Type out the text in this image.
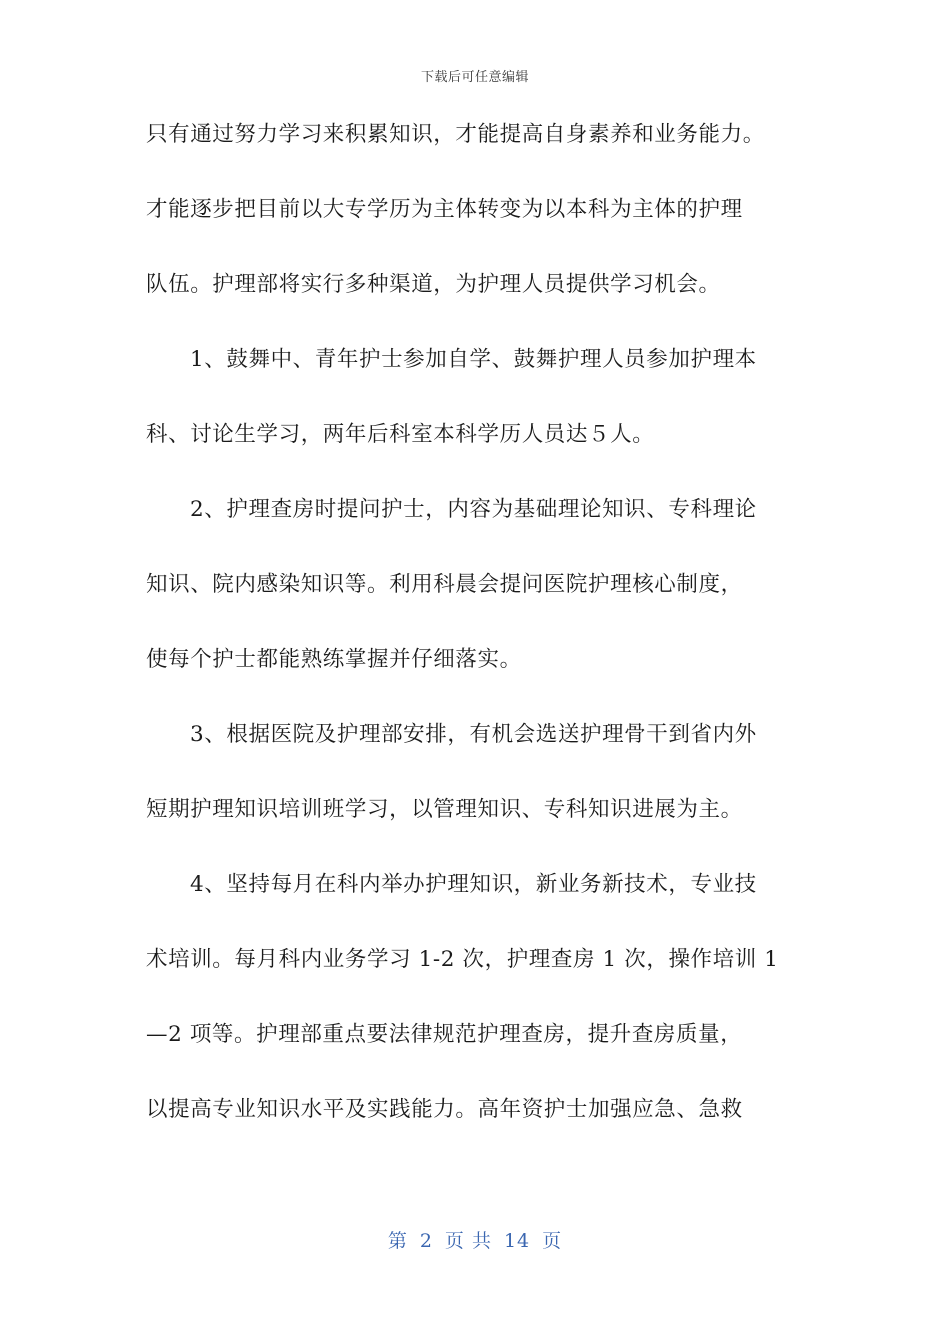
下载后可任意编辑
只有通过努力学习来积累知识，才能提高自身素养和业务能力。
才能逐步把目前以大专学历为主体转变为以本科为主体的护理
队伍。护理部将实行多种渠道，为护理人员提供学习机会。
1、鼓舞中、青年护士参加自学、鼓舞护理人员参加护理本
科、讨论生学习，两年后科室本科学历人员达５人。
2、护理查房时提问护士，内容为基础理论知识、专科理论
知识、院内感染知识等。利用科晨会提问医院护理核心制度，
使每个护士都能熟练掌握并仔细落实。
3、根据医院及护理部安排，有机会选送护理骨干到省内外
短期护理知识培训班学习，以管理知识、专科知识进展为主。
4、坚持每月在科内举办护理知识，新业务新技术，专业技
术培训。每月科内业务学习 1-2 次，护理查房 1 次，操作培训 1
—2 项等。护理部重点要法律规范护理查房，提升查房质量，
以提高专业知识水平及实践能力。高年资护士加强应急、急救
第 2 页 共 14 页
